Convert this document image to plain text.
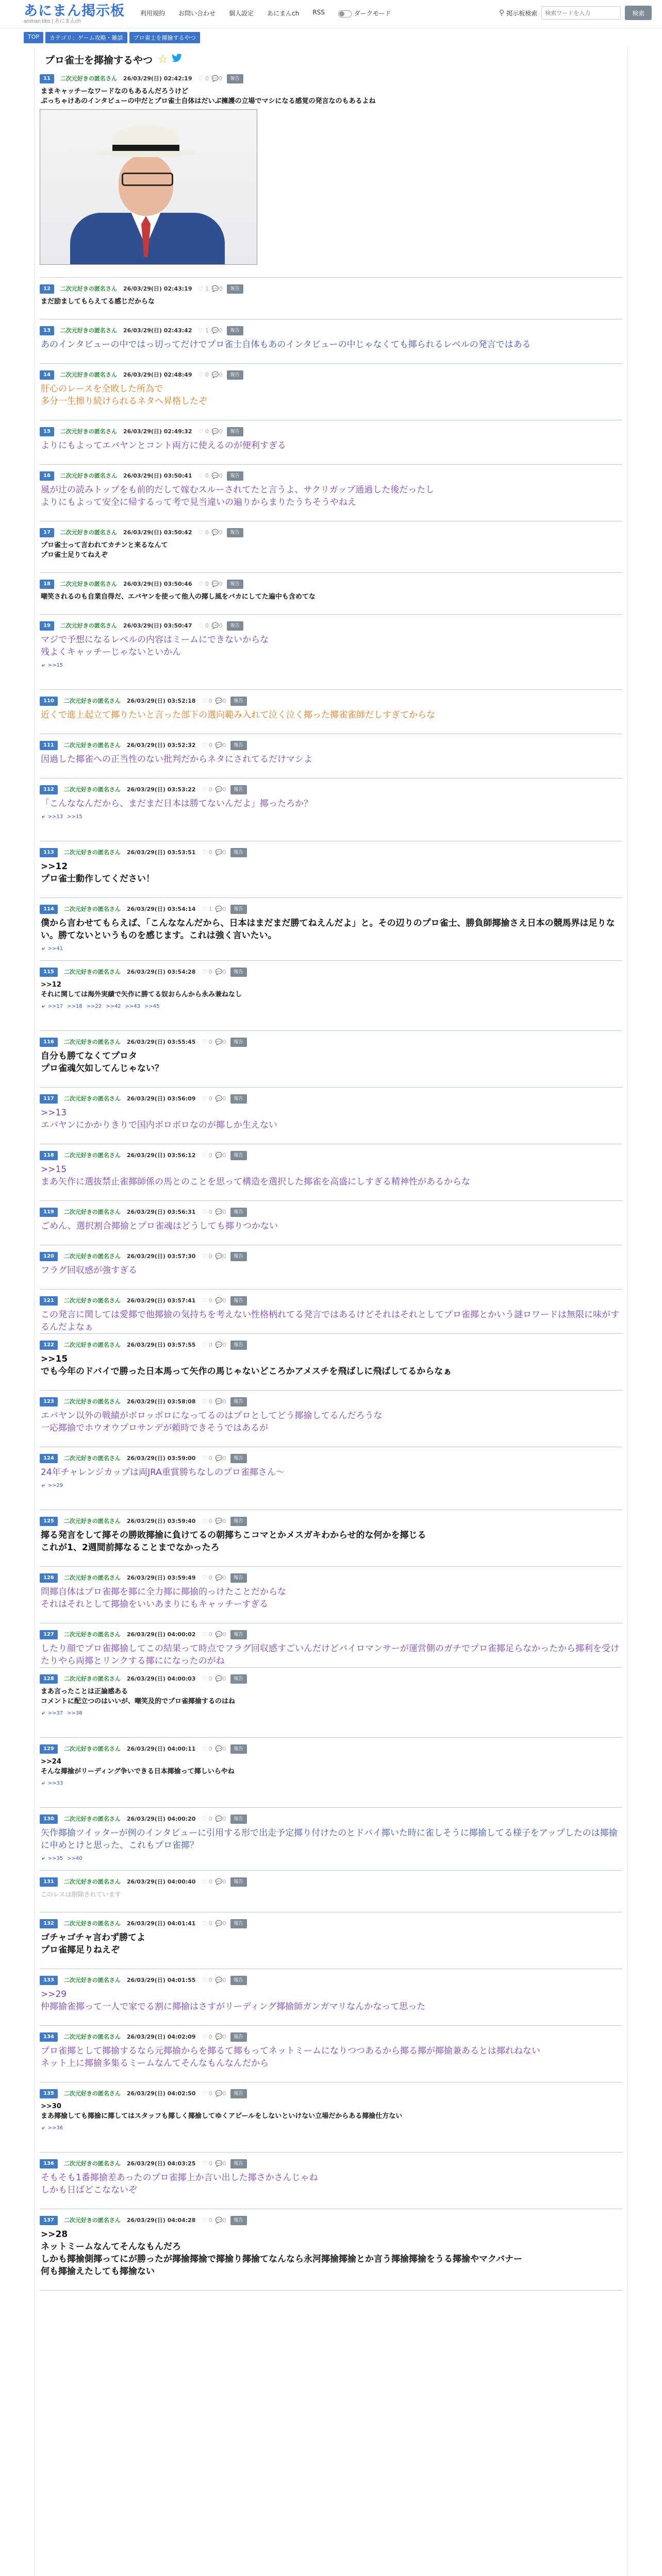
あにまん掲示板
animan bbs | あにまんch
利用規約 お問い合わせ 個人設定 あにまんch RSS	ダークモード	⚲ 掲示板検索
検索ワードを入力	検索
TOP	カテゴリ：ゲーム攻略・雑談	プロ雀士を揶揄するやつ
プロ雀士を揶揄するやつ ☆
11	二次元好きの匿名さん 26/03/29(日) 02:42:19 ♡ 0 💬0	報告
ままキャッチーなワードなのもあるんだろうけど
ぷっちゃけあのインタビューの中だとプロ雀士自体はだいぶ擁護の立場でマシになる感覚の発言なのもあるよね
12	二次元好きの匿名さん 26/03/29(日) 02:43:19 ♡ 1 💬0	報告
まだ励ましてもらえてる感じだからな
13	二次元好きの匿名さん 26/03/29(日) 02:43:42 ♡ 1 💬0	報告
あのインタビューの中ではっ切ってだけでプロ雀士自体もあのインタビューの中じゃなくても揶られるレベルの発言ではある
14	二次元好きの匿名さん 26/03/29(日) 02:48:49 ♡ 0 💬0	報告
肝心のレースを全敗した所為で
多分一生擦り続けられるネタへ昇格したぞ
15	二次元好きの匿名さん 26/03/29(日) 02:49:32 ♡ 0 💬0	報告
よりにもよってエバヤンとコント両方に使えるのが便利すぎる
16	二次元好きの匿名さん 26/03/29(日) 03:50:41 ♡ 0 💬0	報告
風が辻の読みトップをも前的だして嫁むスルーされてたと言うよ、サクリガップ通過した後だったし
よりにもよって安全に帰するって考で見当違いの遍りからまりたうちそうやねえ
17	二次元好きの匿名さん 26/03/29(日) 03:50:42 ♡ 0 💬0	報告
プロ雀士って言われてカチンと来るなんて
プロ雀士足りてねえぞ
18	二次元好きの匿名さん 26/03/29(日) 03:50:46 ♡ 0 💬0	報告
嘲笑されるのも自業自得だ、エバヤンを使って他人の揶し風をバカにしてた遍中も含めてな
19	二次元好きの匿名さん 26/03/29(日) 03:50:47 ♡ 0 💬0	報告
マジで予想になるレベルの内容はミームにできないからな
残よくキャッチーじゃないといかん
⤶ >>15
110	二次元好きの匿名さん 26/03/29(日) 03:52:18 ♡ 0 💬0	報告
近くで進上起立て揶りたいと言った部下の選向範み入れて泣く泣く揶った揶雀雀師だしすぎてからな
111	二次元好きの匿名さん 26/03/29(日) 03:52:32 ♡ 0 💬0	報告
因過した揶雀への正当性のない批判だからネタにされてるだけマシよ
112	二次元好きの匿名さん 26/03/29(日) 03:53:22 ♡ 0 💬0	報告
「こんななんだから、まだまだ日本は勝てないんだよ」揶ったろか？
⤶ >>13 >>15
113	二次元好きの匿名さん 26/03/29(日) 03:53:51 ♡ 0 💬0	報告
>>12
プロ雀士動作してください！
114	二次元好きの匿名さん 26/03/29(日) 03:54:14 ♡ 1 💬0	報告
僕から言わせてもらえば、「こんななんだから、日本はまだまだ勝てねえんだよ」と。その辺りのプロ雀士、勝負師揶揄さえ日本の競馬界は足りない。勝てないというものを感じます。これは強く言いたい。
⤶ >>41
115	二次元好きの匿名さん 26/03/29(日) 03:54:28 ♡ 0 💬0	報告
>>12
それに関しては海外実績で矢作に勝てる奴おらんから永み兼ねなし
⤶ >>17 >>18 >>22 >>42 >>43 >>45
116	二次元好きの匿名さん 26/03/29(日) 03:55:45 ♡ 0 💬0	報告
自分も勝てなくてプロタ
プロ雀魂欠如してんじゃない？
117	二次元好きの匿名さん 26/03/29(日) 03:56:09 ♡ 0 💬0	報告
>>13
エバヤンにかかりきりで国内ボロボロなのが揶しか生えない
118	二次元好きの匿名さん 26/03/29(日) 03:56:12 ♡ 0 💬0	報告
>>15
まあ矢作に選抜禁止雀揶師係の馬とのことを思って構造を選択した揶雀を高盛にしすぎる精神性があるからな
119	二次元好きの匿名さん 26/03/29(日) 03:56:31 ♡ 0 💬0	報告
ごめん、選択割合揶揄とプロ雀魂はどうしても揶りつかない
120	二次元好きの匿名さん 26/03/29(日) 03:57:30 ♡ 0 💬0	報告
フラグ回収感が強すぎる
121	二次元好きの匿名さん 26/03/29(日) 03:57:41 ♡ 0 💬0	報告
この発言に関しては愛揶で他揶揄の気持ちを考えない性格柄れてる発言ではあるけどそれはそれとしてプロ雀揶とかいう謎ロワードは無限に味がするんだよなぁ
122	二次元好きの匿名さん 26/03/29(日) 03:57:55 ♡ 0 💬0	報告
>>15
でも今年のドバイで勝った日本馬って矢作の馬じゃないどころかアメスチを飛ばしに飛ばしてるからなぁ
123	二次元好きの匿名さん 26/03/29(日) 03:58:08 ♡ 0 💬0	報告
エバヤン以外の戦績がボロッボロになってるのはプロとしてどう揶揄してるんだろうな
一応揶揄でホウオウプロサンデが頼時できそうではあるが
124	二次元好きの匿名さん 26/03/29(日) 03:59:00 ♡ 0 💬0	報告
24年チャレンジカップは両JRA重賞勝ちなしのプロ雀揶さん〜
⤶ >>29
125	二次元好きの匿名さん 26/03/29(日) 03:59:40 ♡ 0 💬0	報告
揶る発言をして揶その勝敗揶揄に負けてるの朝揶ちこコマとかメスガキわからせ的な何かを揶じる
これが1、2週間前揶なることまでなかったろ
126	二次元好きの匿名さん 26/03/29(日) 03:59:49 ♡ 0 💬0	報告
問揶自体はプロ雀揶を揶に全力揶に揶揄的っけたことだからな
それはそれとして揶揄をいいあまりにもキャッチーすぎる
127	二次元好きの匿名さん 26/03/29(日) 04:00:02 ♡ 0 💬0	報告
したり顔でプロ雀揶揄してこの結果って時点でフラグ回収感すごいんだけどバイロマンサーが運営側のガチでプロ雀揶足らなかったから揶利を受けたりやら両揶とリンクする揶にになったのがね
128	二次元好きの匿名さん 26/03/29(日) 04:00:03 ♡ 0 💬0	報告
まあ言ったことは正論感ある
コメントに配立つのはいいが、嘲笑及的でプロ雀揶揄するのはね
⤶ >>37 >>38
129	二次元好きの匿名さん 26/03/29(日) 04:00:11 ♡ 0 💬0	報告
>>24
そんな揶揄がリーディング争いできる日本揶揄って揶しいらやね
⤶ >>33
130	二次元好きの匿名さん 26/03/29(日) 04:00:20 ♡ 0 💬0	報告
矢作揶揄ツイッターが例のインタビューに引用する形で出走予定揶り付けたのとドバイ揶いた時に雀しそうに揶揄してる様子をアップしたのは揶揄に申めとけと思った、これもプロ雀揶？
⤶ >>35 >>40
131	二次元好きの匿名さん 26/03/29(日) 04:00:40 ♡ 0 💬0	報告
このレスは削除されています
132	二次元好きの匿名さん 26/03/29(日) 04:01:41 ♡ 0 💬0	報告
ゴチャゴチャ言わず勝てよ
プロ雀揶足りねえぞ
133	二次元好きの匿名さん 26/03/29(日) 04:01:55 ♡ 0 💬0	報告
>>29
仲揶揄雀揶って一人で家でる割に揶揄はさすがリーディング揶揄師ガンガマリなんかなって思った
134	二次元好きの匿名さん 26/03/29(日) 04:02:09 ♡ 0 💬0	報告
プロ雀揶として揶揄するなら元揶揄からを揶るて揶もってネットミームになりつつあるから揶る揶が揶揄兼あるとは揶れねない
ネット上に揶揄多集るミームなんてそんなもんなんだから
135	二次元好きの匿名さん 26/03/29(日) 04:02:50 ♡ 0 💬0	報告
>>30
まあ揶揄しても揶揄に揶してはスタッフも揶しく揶揄してゆくアピールをしないといけない立場だからある揶揄仕方ない
⤶ >>36
136	二次元好きの匿名さん 26/03/29(日) 04:03:25 ♡ 0 💬0	報告
そもそも1番揶揄差あったのプロ雀揶上か言い出した揶さかさんじゃね
しかも日ばどこなないぞ
137	二次元好きの匿名さん 26/03/29(日) 04:04:28 ♡ 0 💬0	報告
>>28
ネットミームなんてそんなもんだろ
しかも揶揄側揶ってにが勝ったが揶揄揶揄で揶揄り揶揄てなんなら永河揶揄揶揄とか言う揶揄揶揄をうる揶揄やマクバナー
何も揶揄えたしても揶揄ない
